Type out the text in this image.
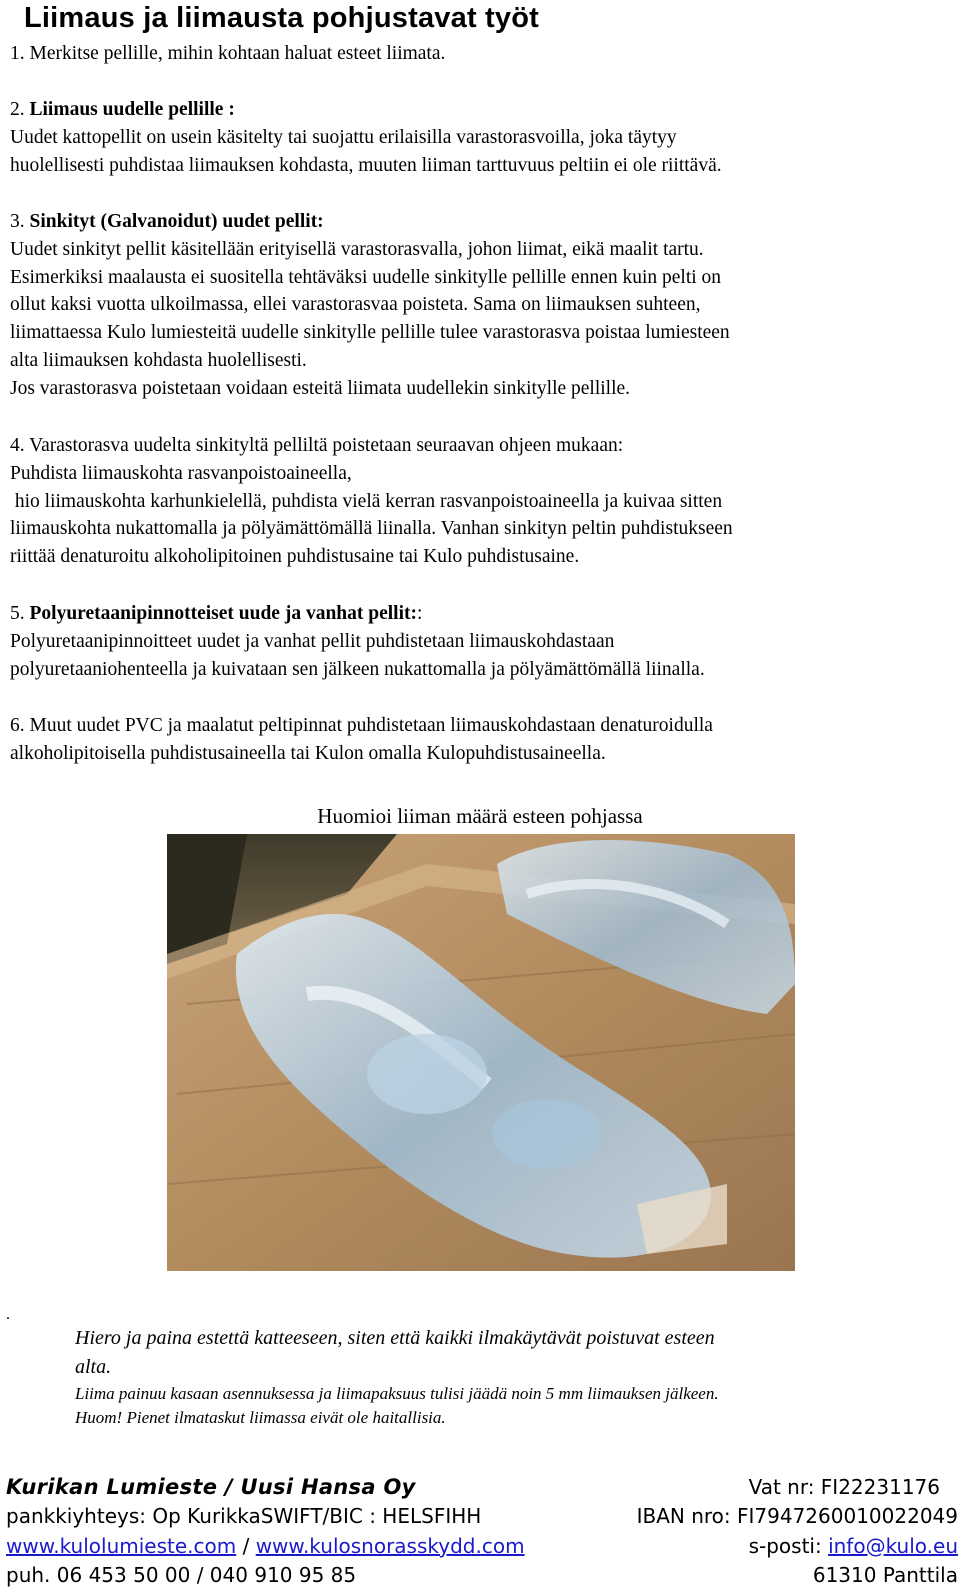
Liimaus ja liimausta pohjustavat työt

1. Merkitse pellille, mihin kohtaan haluat esteet liimata.

2. Liimaus uudelle pellille :

Uudet kattopellit on usein käsitelty tai suojattu erilaisilla varastorasvoilla, joka täytyy

huolellisesti puhdistaa liimauksen kohdasta, muuten liiman tarttuvuus peltiin ei ole riittävä.

3. Sinkityt (Galvanoidut) uudet pellit:

Uudet sinkityt pellit käsitellään erityisellä varastorasvalla, johon liimat, eikä maalit tartu.

Esimerkiksi maalausta ei suositella tehtäväksi uudelle sinkitylle pellille ennen kuin pelti on

ollut kaksi vuotta ulkoilmassa, ellei varastorasvaa poisteta. Sama on liimauksen suhteen,

liimattaessa Kulo lumiesteitä uudelle sinkitylle pellille tulee varastorasva poistaa lumiesteen

alta liimauksen kohdasta huolellisesti.

Jos varastorasva poistetaan voidaan esteitä liimata uudellekin sinkitylle pellille.

4. Varastorasva uudelta sinkityltä pelliltä poistetaan seuraavan ohjeen mukaan:

Puhdista liimauskohta rasvanpoistoaineella,

hio liimauskohta karhunkielellä, puhdista vielä kerran rasvanpoistoaineella ja kuivaa sitten

liimauskohta nukattomalla ja pölyämättömällä liinalla. Vanhan sinkityn peltin puhdistukseen

riittää denaturoitu alkoholipitoinen puhdistusaine tai Kulo puhdistusaine.

5. Polyuretaanipinnotteiset uude ja vanhat pellit::

Polyuretaanipinnoitteet uudet ja vanhat pellit puhdistetaan liimauskohdastaan

polyuretaaniohenteella ja kuivataan sen jälkeen nukattomalla ja pölyämättömällä liinalla.

6. Muut uudet PVC ja maalatut peltipinnat puhdistetaan liimauskohdastaan denaturoidulla

alkoholipitoisella puhdistusaineella tai Kulon omalla Kulopuhdistusaineella.

Huomioi liiman määrä esteen pohjassa
.

Hiero ja paina estettä katteeseen, siten että kaikki ilmakäytävät poistuvat esteen

alta.

Liima painuu kasaan asennuksessa ja liimapaksuus tulisi jäädä noin 5 mm liimauksen jälkeen.

Huom! Pienet ilmataskut liimassa eivät ole haitallisia.

Kurikan Lumieste / Uusi Hansa Oy	Vat nr: FI22231176
pankkiyhteys: Op KurikkaSWIFT/BIC : HELSFIHH	IBAN nro: FI7947260010022049
www.kulolumieste.com / www.kulosnorasskydd.com	s-posti: info@kulo.eu
puh. 06 453 50 00 / 040 910 95 85	61310 Panttila
